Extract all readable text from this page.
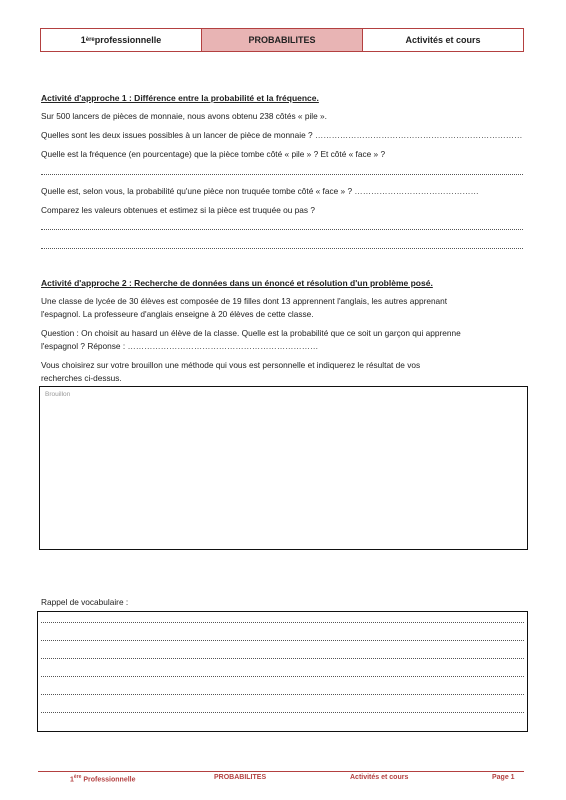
1 ère professionnelle	PROBABILITES	Activités et cours
Activité d'approche 1 : Différence entre la probabilité et la fréquence.
Sur 500 lancers de pièces de monnaie, nous avons obtenu 238 côtés « pile ».
Quelles sont les deux issues possibles à un lancer de pièce de monnaie ? …………………………………………………………………
Quelle est la fréquence (en pourcentage) que la pièce tombe côté « pile » ? Et côté « face » ?
Quelle est, selon vous, la probabilité qu'une pièce non truquée tombe côté « face » ? ………………………………………
Comparez les valeurs obtenues et estimez si la pièce est truquée ou pas ?
Activité d'approche 2 : Recherche de données dans un énoncé et résolution d'un problème posé.
Une classe de lycée de 30 élèves est composée de 19 filles dont 13 apprennent l'anglais, les autres apprenant
l'espagnol. La professeure d'anglais enseigne à 20 élèves de cette classe.
Question : On choisit au hasard un élève de la classe. Quelle est la probabilité que ce soit un garçon qui apprenne
l'espagnol ? Réponse : ……………………………………………………………
Vous choisirez sur votre brouillon une méthode qui vous est personnelle et indiquerez le résultat de vos
recherches ci-dessus.
Brouillon
Rappel de vocabulaire :
1ère Professionnelle	PROBABILITES	Activités et cours	Page 1
